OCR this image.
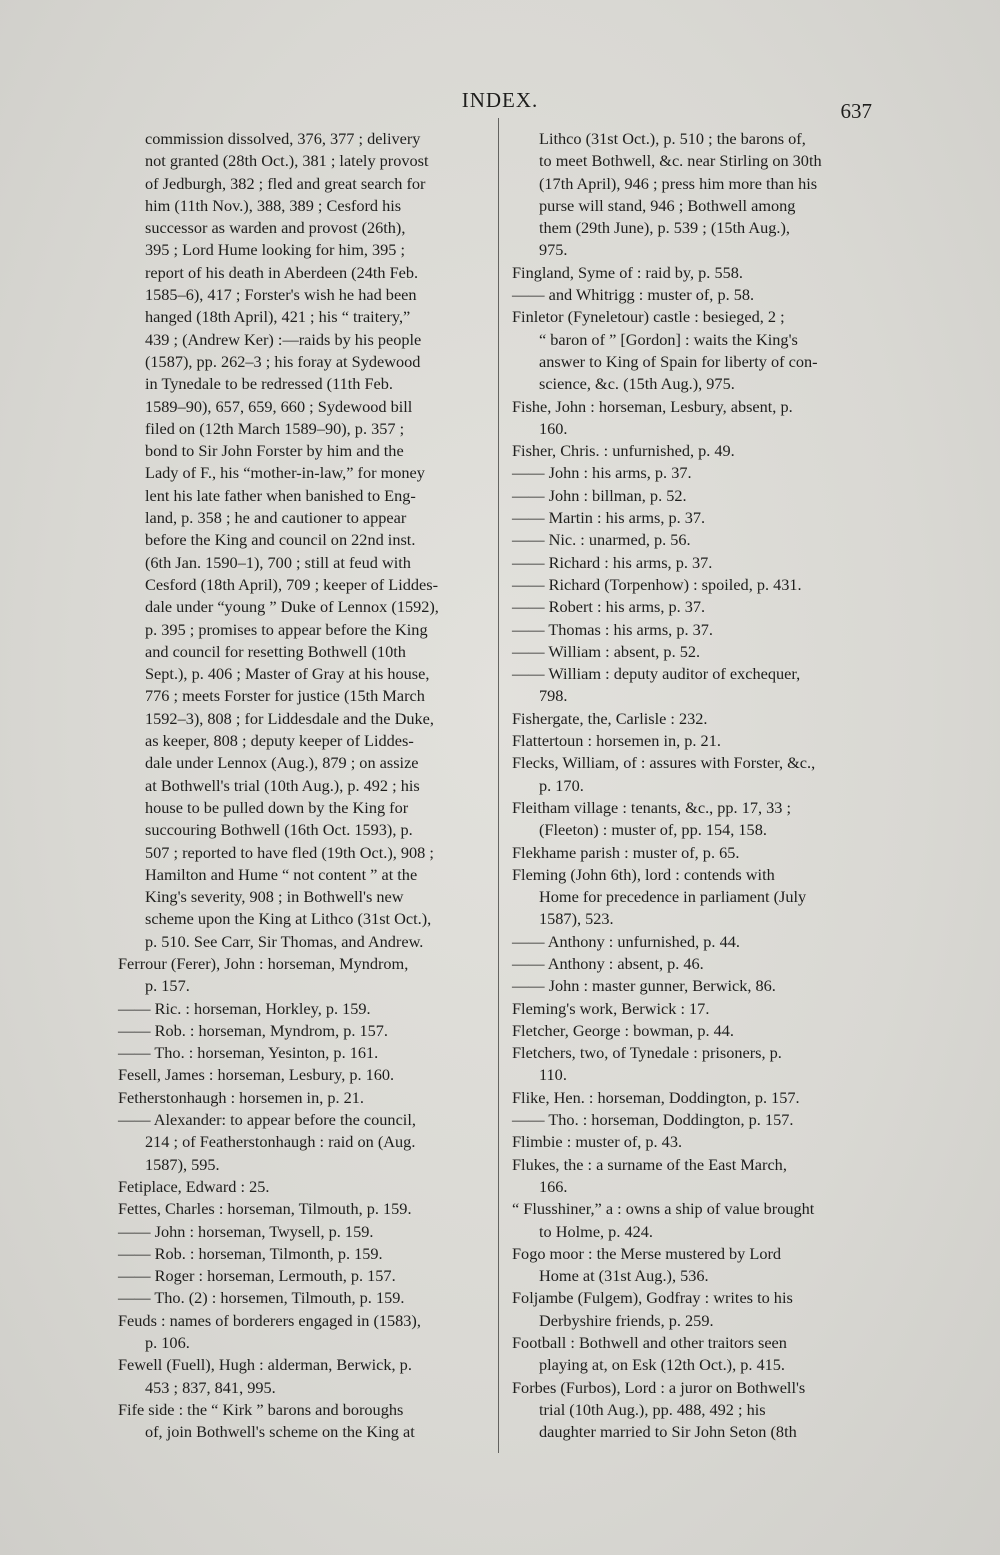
INDEX.	637
commission dissolved, 376, 377 ; delivery
not granted (28th Oct.), 381 ; lately provost
of Jedburgh, 382 ; fled and great search for
him (11th Nov.), 388, 389 ; Cesford his
successor as warden and provost (26th),
395 ; Lord Hume looking for him, 395 ;
report of his death in Aberdeen (24th Feb.
1585–6), 417 ; Forster's wish he had been
hanged (18th April), 421 ; his “ traitery,”
439 ; (Andrew Ker) :—raids by his people
(1587), pp. 262–3 ; his foray at Sydewood
in Tynedale to be redressed (11th Feb.
1589–90), 657, 659, 660 ; Sydewood bill
filed on (12th March 1589–90), p. 357 ;
bond to Sir John Forster by him and the
Lady of F., his “mother-in-law,” for money
lent his late father when banished to Eng-
land, p. 358 ; he and cautioner to appear
before the King and council on 22nd inst.
(6th Jan. 1590–1), 700 ; still at feud with
Cesford (18th April), 709 ; keeper of Liddes-
dale under “young ” Duke of Lennox (1592),
p. 395 ; promises to appear before the King
and council for resetting Bothwell (10th
Sept.), p. 406 ; Master of Gray at his house,
776 ; meets Forster for justice (15th March
1592–3), 808 ; for Liddesdale and the Duke,
as keeper, 808 ; deputy keeper of Liddes-
dale under Lennox (Aug.), 879 ; on assize
at Bothwell's trial (10th Aug.), p. 492 ; his
house to be pulled down by the King for
succouring Bothwell (16th Oct. 1593), p.
507 ; reported to have fled (19th Oct.), 908 ;
Hamilton and Hume “ not content ” at the
King's severity, 908 ; in Bothwell's new
scheme upon the King at Lithco (31st Oct.),
p. 510. See Carr, Sir Thomas, and Andrew.
Ferrour (Ferer), John : horseman, Myndrom,
p. 157.
—— Ric. : horseman, Horkley, p. 159.
—— Rob. : horseman, Myndrom, p. 157.
—— Tho. : horseman, Yesinton, p. 161.
Fesell, James : horseman, Lesbury, p. 160.
Fetherstonhaugh : horsemen in, p. 21.
—— Alexander: to appear before the council,
214 ; of Featherstonhaugh : raid on (Aug.
1587), 595.
Fetiplace, Edward : 25.
Fettes, Charles : horseman, Tilmouth, p. 159.
—— John : horseman, Twysell, p. 159.
—— Rob. : horseman, Tilmonth, p. 159.
—— Roger : horseman, Lermouth, p. 157.
—— Tho. (2) : horsemen, Tilmouth, p. 159.
Feuds : names of borderers engaged in (1583),
p. 106.
Fewell (Fuell), Hugh : alderman, Berwick, p.
453 ; 837, 841, 995.
Fife side : the “ Kirk ” barons and boroughs
of, join Bothwell's scheme on the King at
Lithco (31st Oct.), p. 510 ; the barons of,
to meet Bothwell, &c. near Stirling on 30th
(17th April), 946 ; press him more than his
purse will stand, 946 ; Bothwell among
them (29th June), p. 539 ; (15th Aug.),
975.
Fingland, Syme of : raid by, p. 558.
—— and Whitrigg : muster of, p. 58.
Finletor (Fyneletour) castle : besieged, 2 ;
“ baron of ” [Gordon] : waits the King's
answer to King of Spain for liberty of con-
science, &c. (15th Aug.), 975.
Fishe, John : horseman, Lesbury, absent, p.
160.
Fisher, Chris. : unfurnished, p. 49.
—— John : his arms, p. 37.
—— John : billman, p. 52.
—— Martin : his arms, p. 37.
—— Nic. : unarmed, p. 56.
—— Richard : his arms, p. 37.
—— Richard (Torpenhow) : spoiled, p. 431.
—— Robert : his arms, p. 37.
—— Thomas : his arms, p. 37.
—— William : absent, p. 52.
—— William : deputy auditor of exchequer,
798.
Fishergate, the, Carlisle : 232.
Flattertoun : horsemen in, p. 21.
Flecks, William, of : assures with Forster, &c.,
p. 170.
Fleitham village : tenants, &c., pp. 17, 33 ;
(Fleeton) : muster of, pp. 154, 158.
Flekhame parish : muster of, p. 65.
Fleming (John 6th), lord : contends with
Home for precedence in parliament (July
1587), 523.
—— Anthony : unfurnished, p. 44.
—— Anthony : absent, p. 46.
—— John : master gunner, Berwick, 86.
Fleming's work, Berwick : 17.
Fletcher, George : bowman, p. 44.
Fletchers, two, of Tynedale : prisoners, p.
110.
Flike, Hen. : horseman, Doddington, p. 157.
—— Tho. : horseman, Doddington, p. 157.
Flimbie : muster of, p. 43.
Flukes, the : a surname of the East March,
166.
“ Flusshiner,” a : owns a ship of value brought
to Holme, p. 424.
Fogo moor : the Merse mustered by Lord
Home at (31st Aug.), 536.
Foljambe (Fulgem), Godfray : writes to his
Derbyshire friends, p. 259.
Football : Bothwell and other traitors seen
playing at, on Esk (12th Oct.), p. 415.
Forbes (Furbos), Lord : a juror on Bothwell's
trial (10th Aug.), pp. 488, 492 ; his
daughter married to Sir John Seton (8th
